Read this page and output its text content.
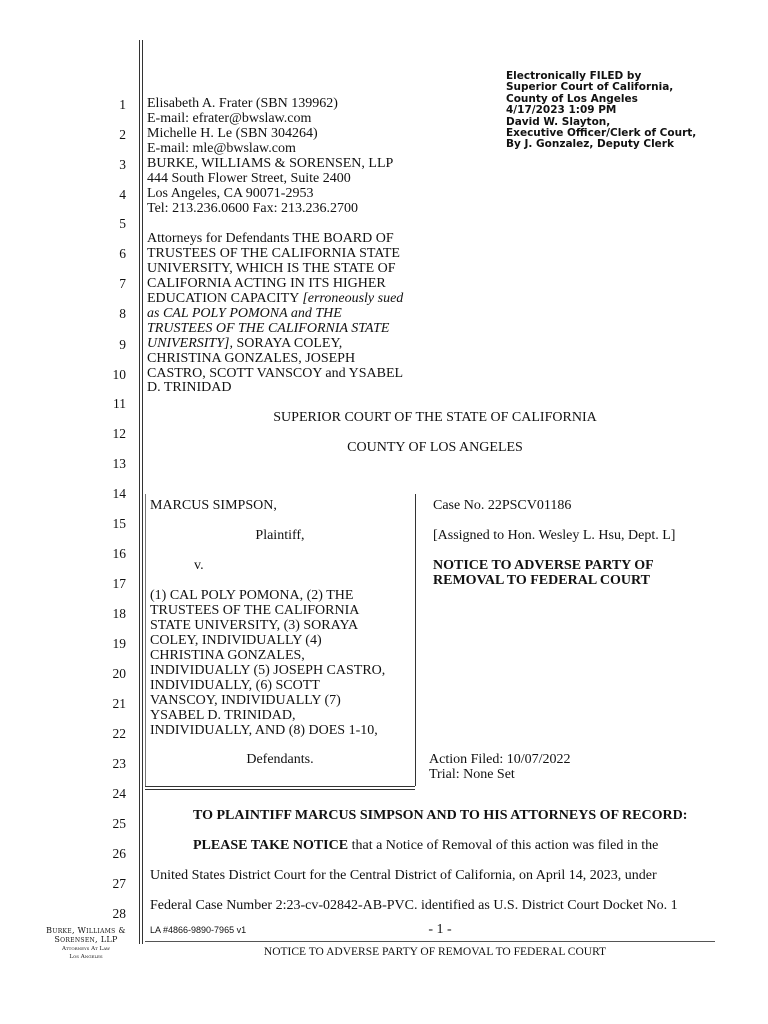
Electronically FILED by
Superior Court of California,
County of Los Angeles
4/17/2023 1:09 PM
David W. Slayton,
Executive Officer/Clerk of Court,
By J. Gonzalez, Deputy Clerk
1
2
3
4
5
6
7
8
9
10
11
12
13
14
15
16
17
18
19
20
21
22
23
24
25
26
27
28
Elisabeth A. Frater (SBN 139962)
E-mail: efrater@bwslaw.com
Michelle H. Le (SBN 304264)
E-mail: mle@bwslaw.com
BURKE, WILLIAMS & SORENSEN, LLP
444 South Flower Street, Suite 2400
Los Angeles, CA 90071-2953
Tel: 213.236.0600 Fax: 213.236.2700
Attorneys for Defendants THE BOARD OF
TRUSTEES OF THE CALIFORNIA STATE
UNIVERSITY, WHICH IS THE STATE OF
CALIFORNIA ACTING IN ITS HIGHER
EDUCATION CAPACITY [erroneously sued
as CAL POLY POMONA and THE
TRUSTEES OF THE CALIFORNIA STATE
UNIVERSITY], SORAYA COLEY,
CHRISTINA GONZALES, JOSEPH
CASTRO, SCOTT VANSCOY and YSABEL
D. TRINIDAD
SUPERIOR COURT OF THE STATE OF CALIFORNIA
COUNTY OF LOS ANGELES
MARCUS SIMPSON,
Plaintiff,
v.
(1) CAL POLY POMONA, (2) THE
TRUSTEES OF THE CALIFORNIA
STATE UNIVERSITY, (3) SORAYA
COLEY, INDIVIDUALLY (4)
CHRISTINA GONZALES,
INDIVIDUALLY (5) JOSEPH CASTRO,
INDIVIDUALLY, (6) SCOTT
VANSCOY, INDIVIDUALLY (7)
YSABEL D. TRINIDAD,
INDIVIDUALLY, AND (8) DOES 1-10,
Defendants.
Case No. 22PSCV01186
[Assigned to Hon. Wesley L. Hsu, Dept. L]
NOTICE TO ADVERSE PARTY OF
REMOVAL TO FEDERAL COURT
Action Filed: 10/07/2022
Trial: None Set
TO PLAINTIFF MARCUS SIMPSON AND TO HIS ATTORNEYS OF RECORD:
PLEASE TAKE NOTICE that a Notice of Removal of this action was filed in the
United States District Court for the Central District of California, on April 14, 2023, under
Federal Case Number 2:23-cv-02842-AB-PVC. identified as U.S. District Court Docket No. 1
LA #4866-9890-7965 v1	- 1 -
NOTICE TO ADVERSE PARTY OF REMOVAL TO FEDERAL COURT
Burke, Williams &
Sorensen, LLP
Attorneys At Law
Los Angeles
